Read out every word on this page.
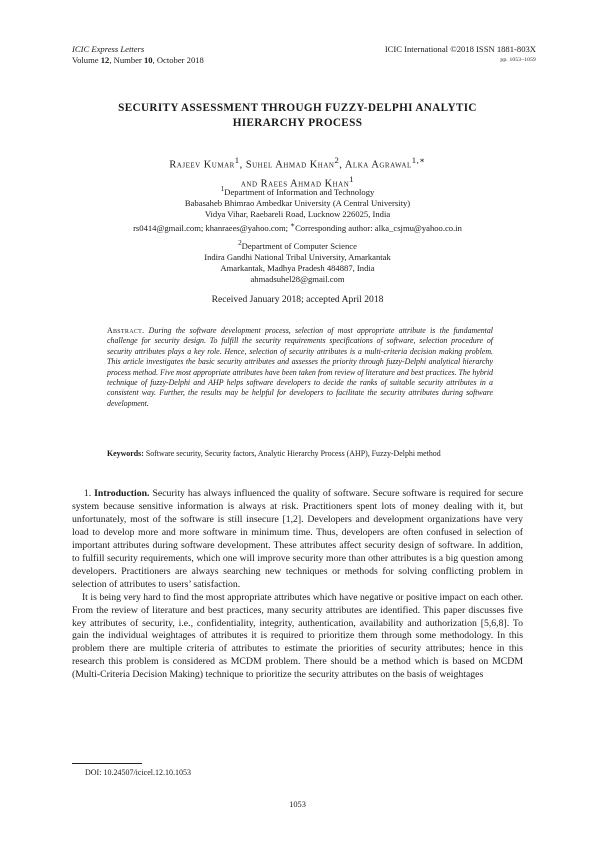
ICIC Express Letters
Volume 12, Number 10, October 2018
ICIC International ©2018 ISSN 1881-803X
pp. 1053–1059
SECURITY ASSESSMENT THROUGH FUZZY-DELPHI ANALYTIC
HIERARCHY PROCESS
Rajeev Kumar$^1$, Suhel Ahmad Khan$^2$, Alka Agrawal$^{1,∗}$
and Raees Ahmad Khan$^1$
$^1$Department of Information and Technology
Babasaheb Bhimrao Ambedkar University (A Central University)
Vidya Vihar, Raebareli Road, Lucknow 226025, India
rs0414@gmail.com; khanraees@yahoo.com; ∗Corresponding author: alka_csjmu@yahoo.co.in
$^2$Department of Computer Science
Indira Gandhi National Tribal University, Amarkantak
Amarkantak, Madhya Pradesh 484887, India
ahmadsuhel28@gmail.com
Received January 2018; accepted April 2018
Abstract. During the software development process, selection of most appropriate attribute is the fundamental challenge for security design. To fulfill the security requirements specifications of software, selection procedure of security attributes plays a key role. Hence, selection of security attributes is a multi-criteria decision making problem. This article investigates the basic security attributes and assesses the priority through fuzzy-Delphi analytical hierarchy process method. Five most appropriate attributes have been taken from review of literature and best practices. The hybrid technique of fuzzy-Delphi and AHP helps software developers to decide the ranks of suitable security attributes in a consistent way. Further, the results may be helpful for developers to facilitate the security attributes during software development.
Keywords: Software security, Security factors, Analytic Hierarchy Process (AHP), Fuzzy-Delphi method

1. Introduction. Security has always influenced the quality of software. Secure software is required for secure system because sensitive information is always at risk. Practitioners spent lots of money dealing with it, but unfortunately, most of the software is still insecure [1,2]. Developers and development organizations have very load to develop more and more software in minimum time. Thus, developers are often confused in selection of important attributes during software development. These attributes affect security design of software. In addition, to fulfill security requirements, which one will improve security more than other attributes is a big question among developers. Practitioners are always searching new techniques or methods for solving conflicting problem in selection of attributes to users’ satisfaction.

It is being very hard to find the most appropriate attributes which have negative or positive impact on each other. From the review of literature and best practices, many security attributes are identified. This paper discusses five key attributes of security, i.e., confidentiality, integrity, authentication, availability and authorization [5,6,8]. To gain the individual weightages of attributes it is required to prioritize them through some methodology. In this problem there are multiple criteria of attributes to estimate the priorities of security attributes; hence in this research this problem is considered as MCDM problem. There should be a method which is based on MCDM (Multi-Criteria Decision Making) technique to prioritize the security attributes on the basis of weightages

DOI: 10.24507/icicel.12.10.1053
1053
